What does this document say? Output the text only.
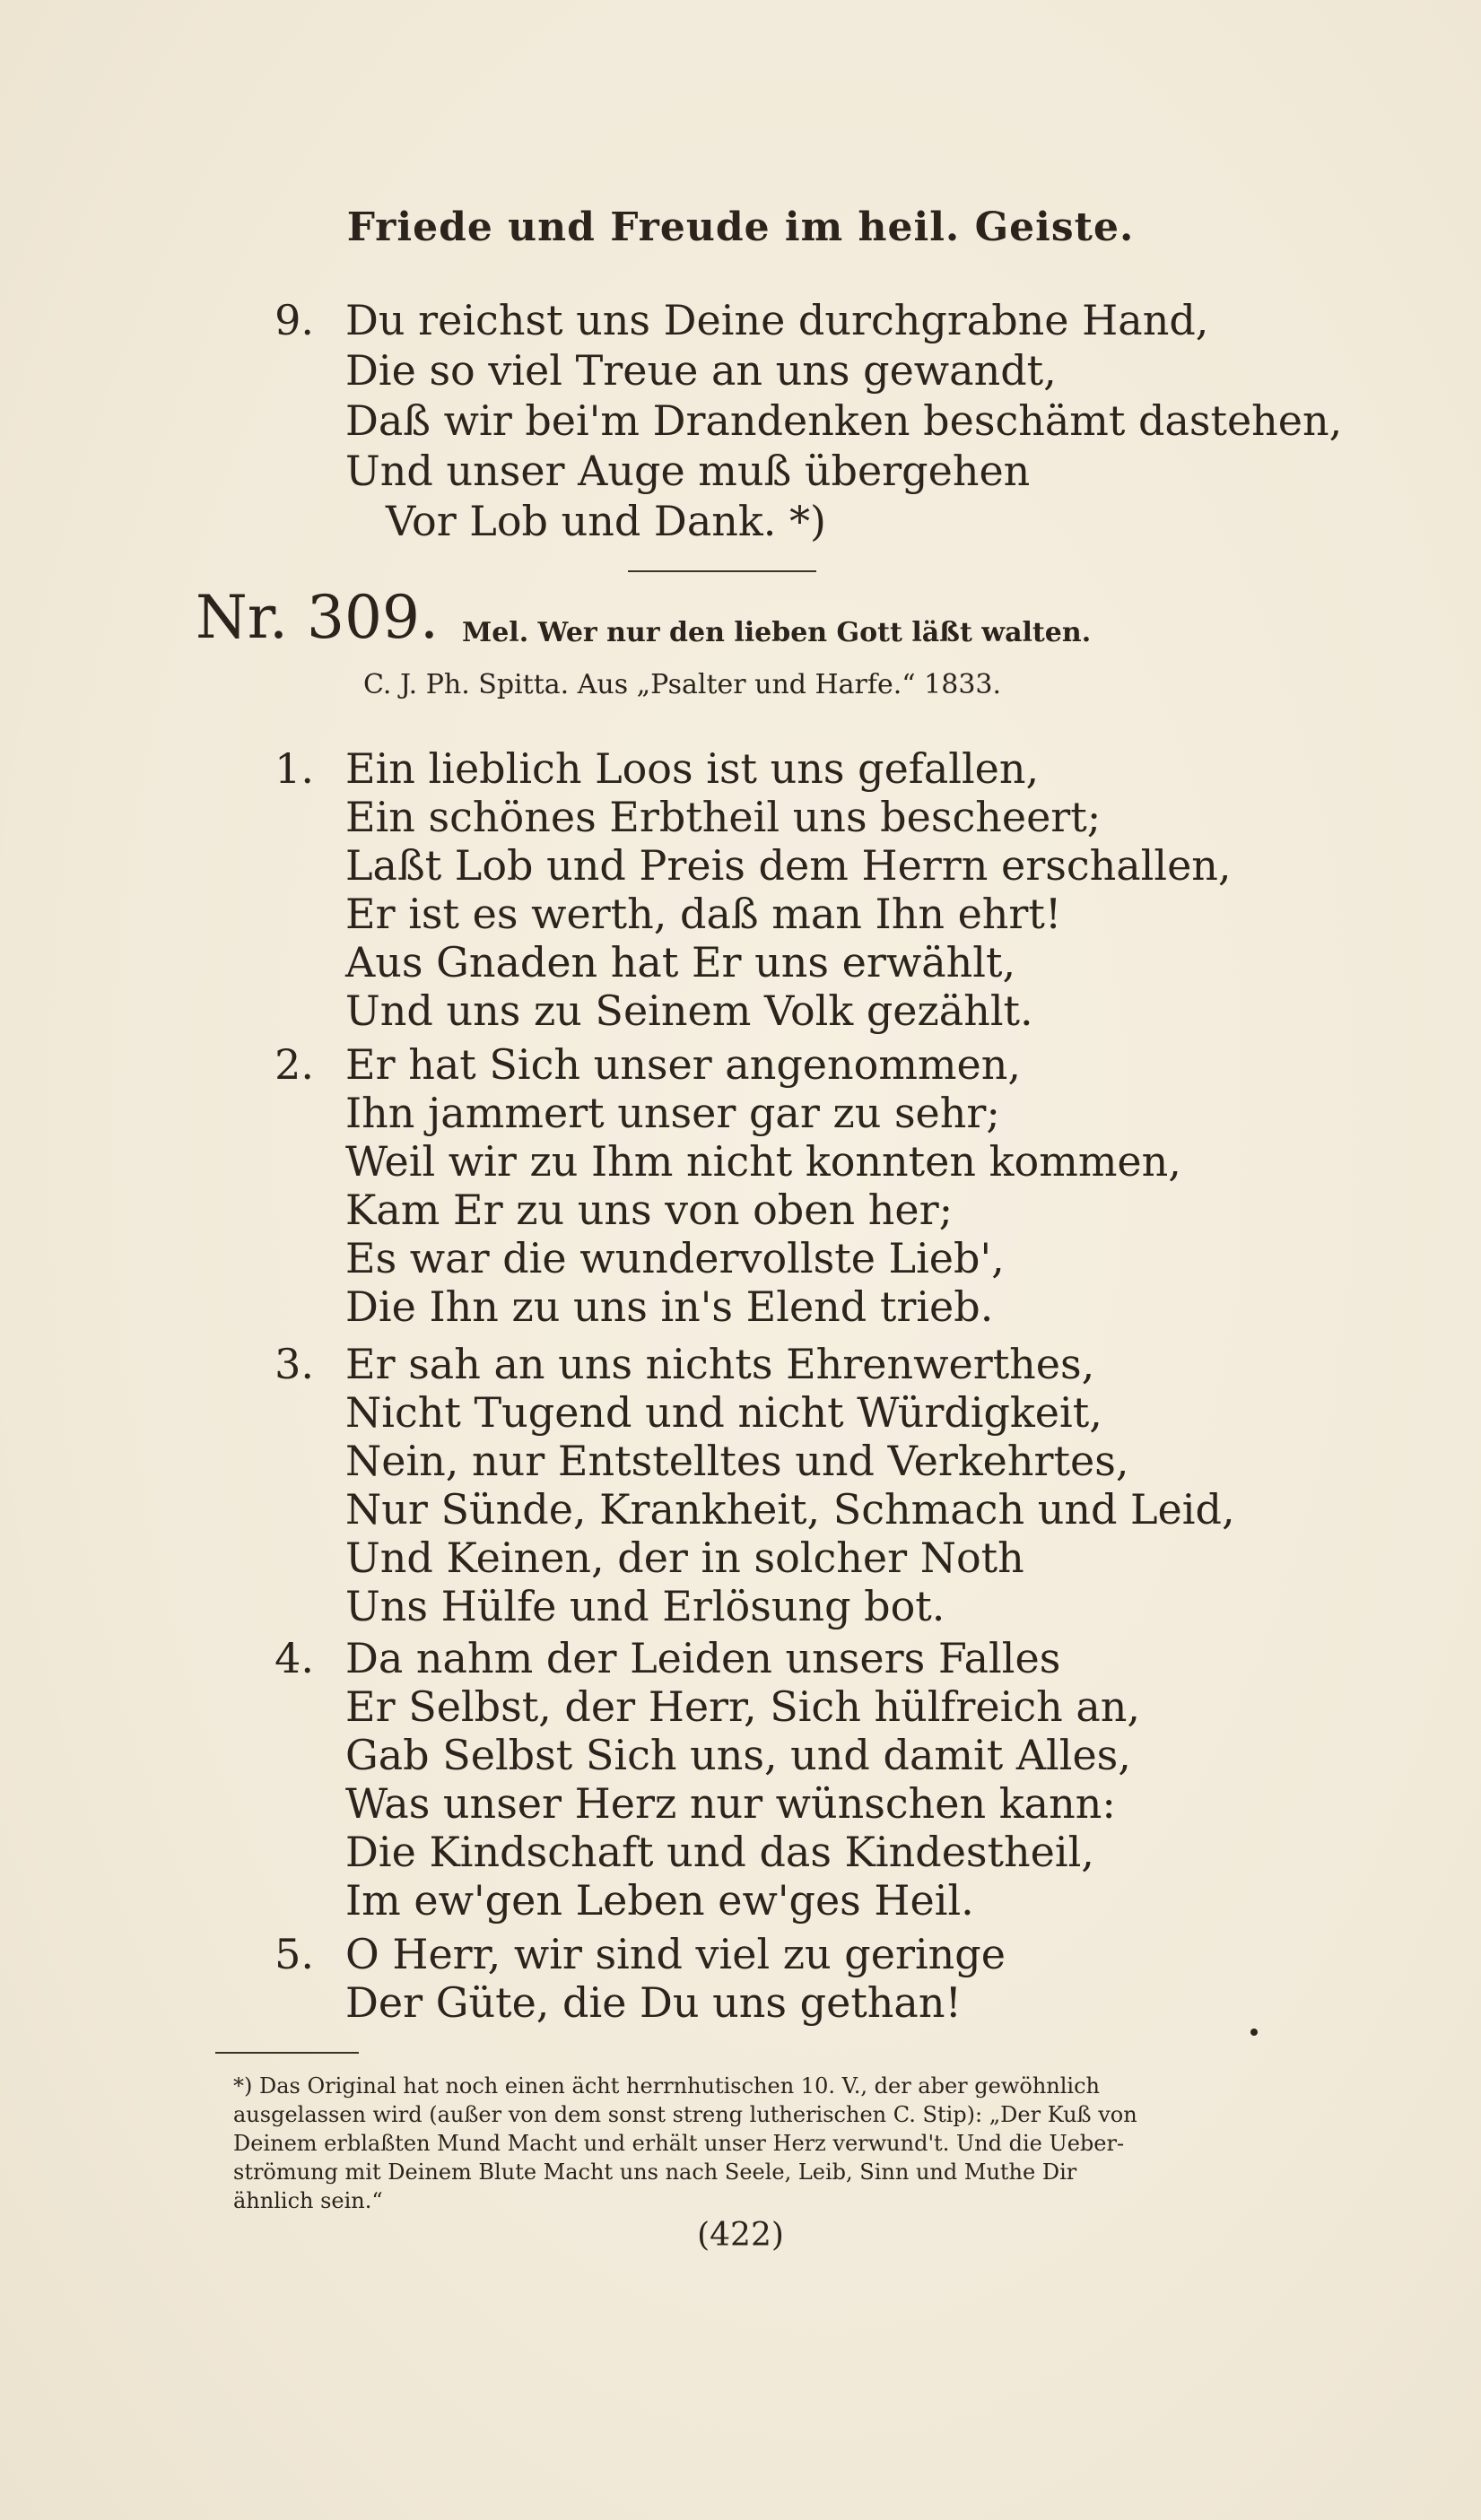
Friede und Freude im heil. Geiste.
9. Du reichst uns Deine durchgrabne Hand,
Die so viel Treue an uns gewandt,
Daß wir bei'm Drandenken beschämt dastehen,
Und unser Auge muß übergehen
Vor Lob und Dank. *)
Nr. 309. Mel. Wer nur den lieben Gott läßt walten.
C. J. Ph. Spitta. Aus „Psalter und Harfe.“ 1833.
1. Ein lieblich Loos ist uns gefallen,
Ein schönes Erbtheil uns bescheert;
Laßt Lob und Preis dem Herrn erschallen,
Er ist es werth, daß man Ihn ehrt!
Aus Gnaden hat Er uns erwählt,
Und uns zu Seinem Volk gezählt.
2. Er hat Sich unser angenommen,
Ihn jammert unser gar zu sehr;
Weil wir zu Ihm nicht konnten kommen,
Kam Er zu uns von oben her;
Es war die wundervollste Lieb',
Die Ihn zu uns in's Elend trieb.
3. Er sah an uns nichts Ehrenwerthes,
Nicht Tugend und nicht Würdigkeit,
Nein, nur Entstelltes und Verkehrtes,
Nur Sünde, Krankheit, Schmach und Leid,
Und Keinen, der in solcher Noth
Uns Hülfe und Erlösung bot.
4. Da nahm der Leiden unsers Falles
Er Selbst, der Herr, Sich hülfreich an,
Gab Selbst Sich uns, und damit Alles,
Was unser Herz nur wünschen kann:
Die Kindschaft und das Kindestheil,
Im ew'gen Leben ew'ges Heil.
5. O Herr, wir sind viel zu geringe
Der Güte, die Du uns gethan!
*) Das Original hat noch einen ächt herrnhutischen 10. V., der aber gewöhnlich
ausgelassen wird (außer von dem sonst streng lutherischen C. Stip): „Der Kuß von
Deinem erblaßten Mund Macht und erhält unser Herz verwund't. Und die Ueber-
strömung mit Deinem Blute Macht uns nach Seele, Leib, Sinn und Muthe Dir
ähnlich sein.“
(422)
